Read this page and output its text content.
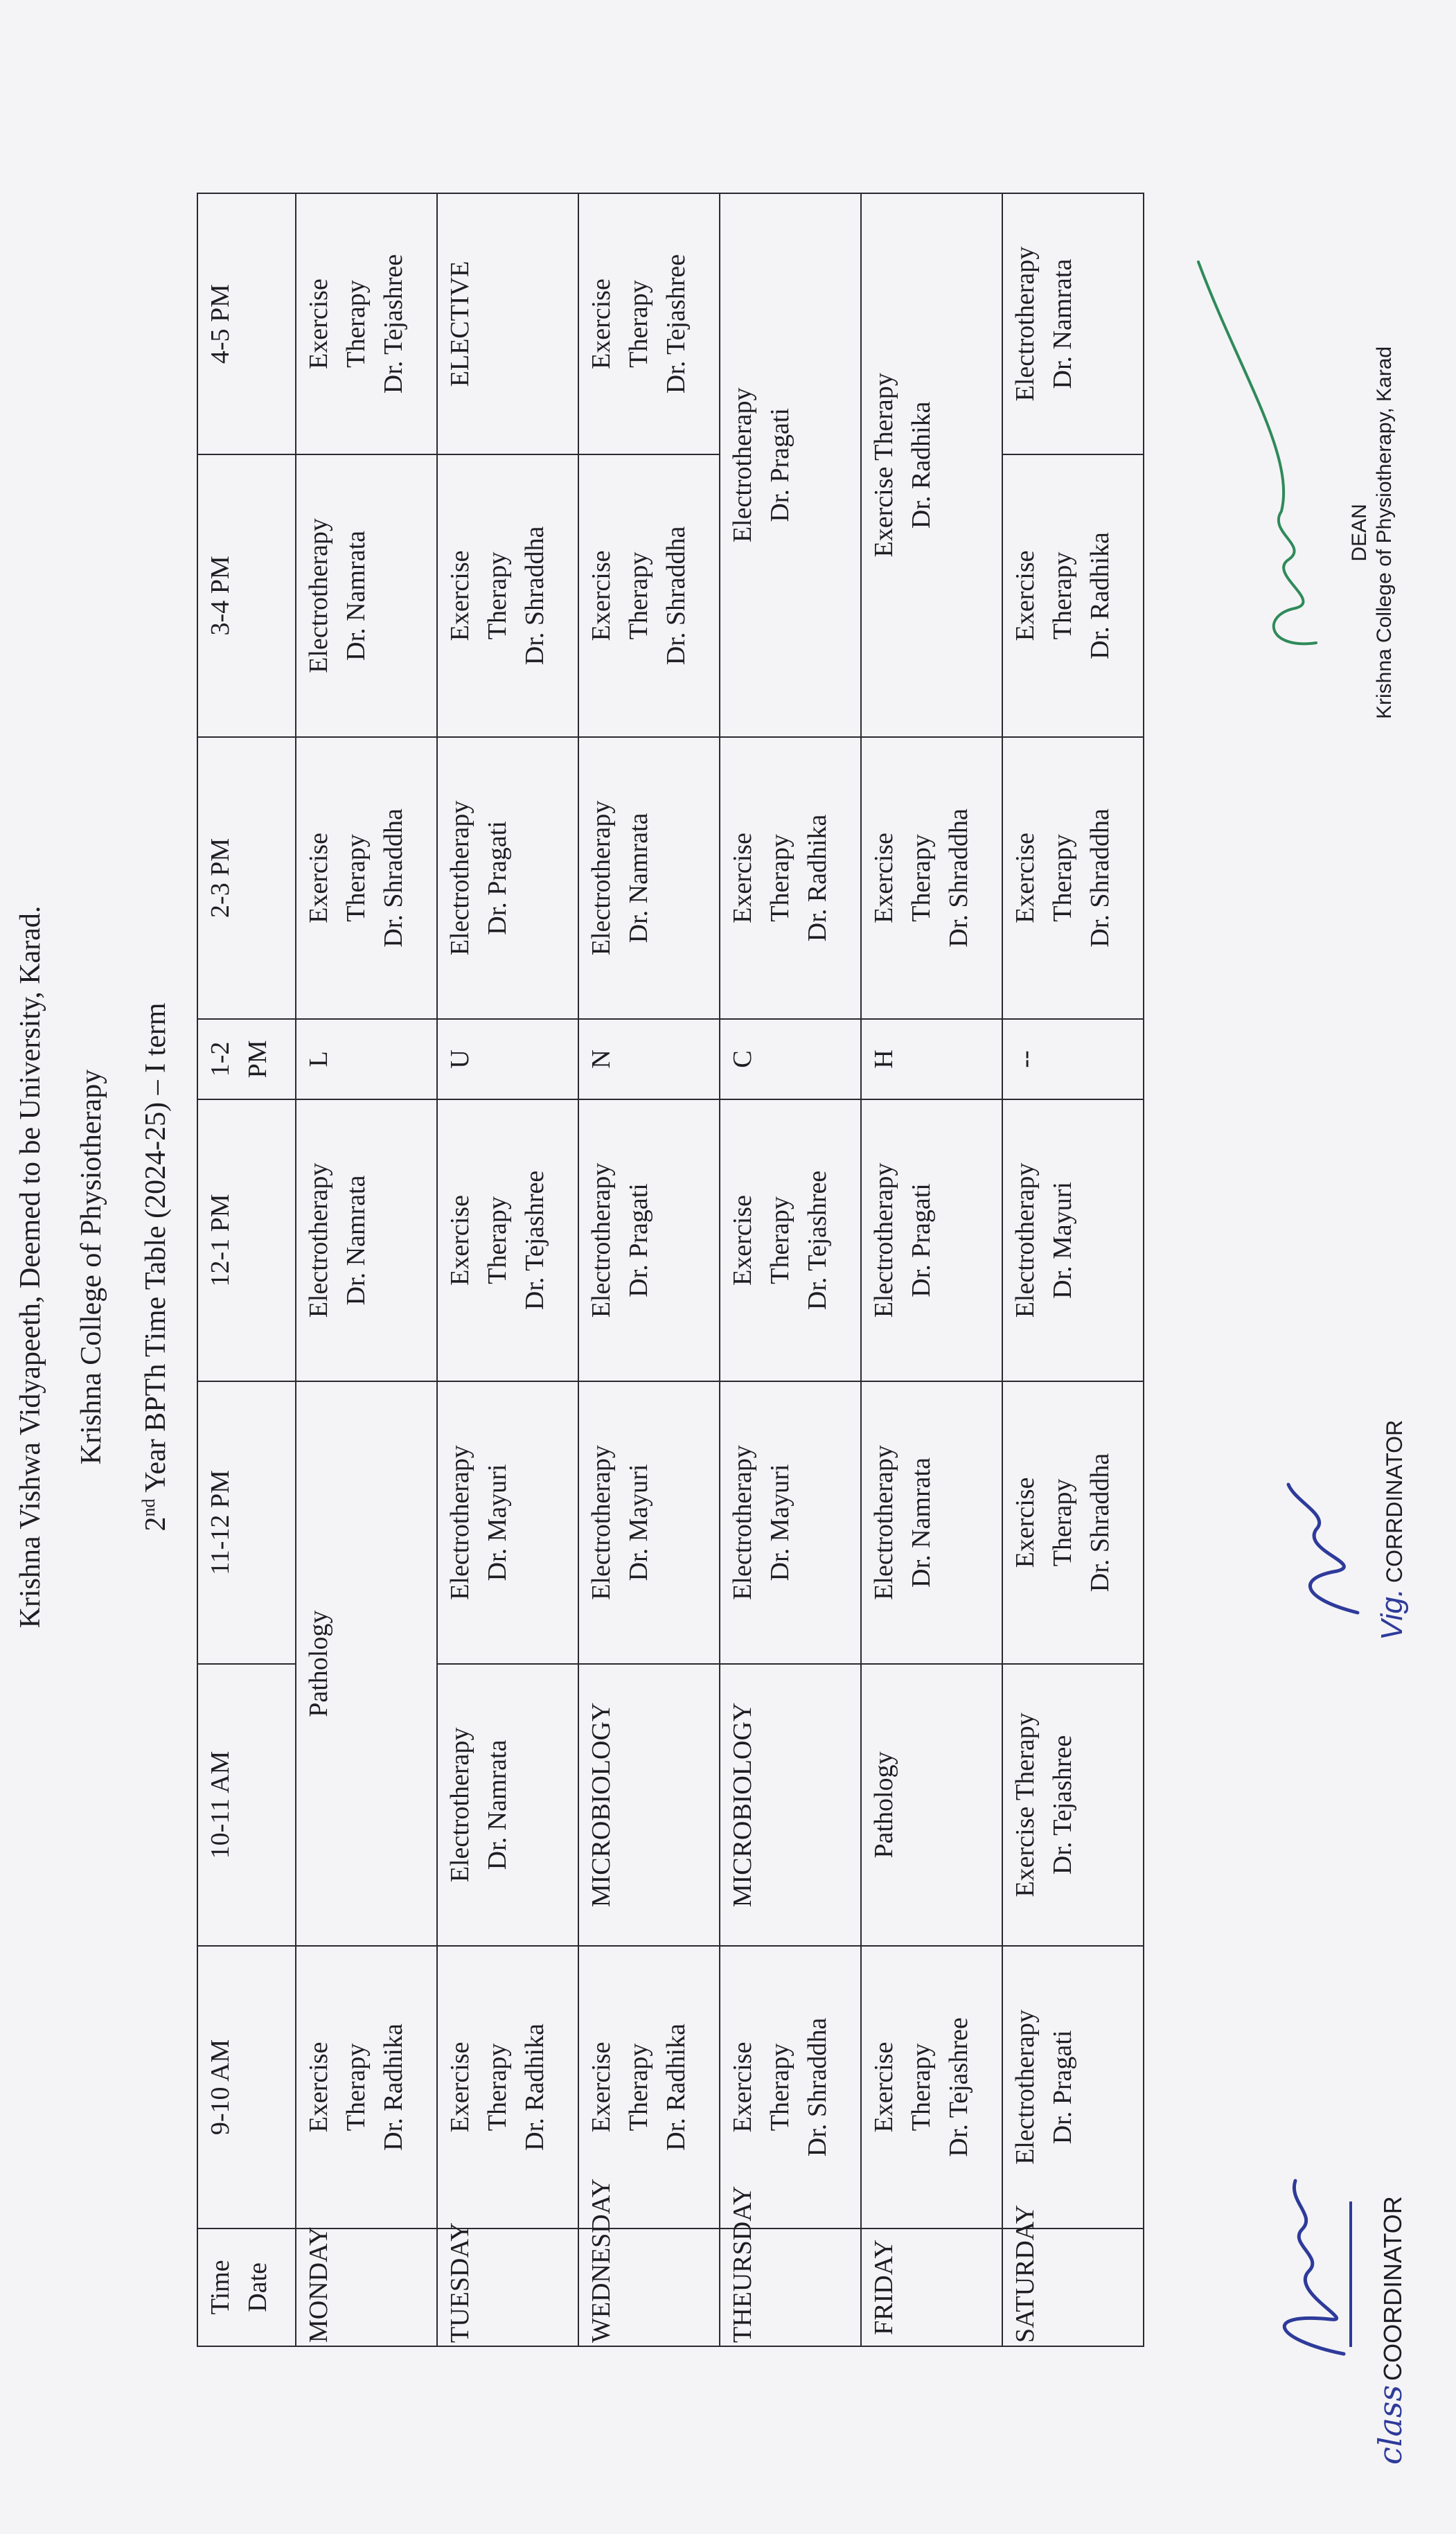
Krishna Vishwa Vidyapeeth, Deemed to be University, Karad. Krishna College of Physiotherapy
2nd Year BPTh Time Table (2024-25) – I term
Time Date	9-10 AM	10-11 AM	11-12 PM	12-1 PM	1-2 PM	2-3 PM	3-4 PM	4-5 PM
MONDAY	Exercise Therapy Dr. Radhika	Pathology		Electrotherapy Dr. Namrata	L	Exercise Therapy Dr. Shraddha	Electrotherapy Dr. Namrata	Exercise Therapy Dr. Tejashree

TUESDAY	Exercise Therapy Dr. Radhika	Electrotherapy Dr. Namrata	Electrotherapy Dr. Mayuri	Exercise Therapy Dr. Tejashree	U	Electrotherapy Dr. Pragati	Exercise Therapy Dr. Shraddha	ELECTIVE
WEDNESDAY	Exercise Therapy Dr. Radhika	MICROBIOLOGY	Electrotherapy Dr. Mayuri	Electrotherapy Dr. Pragati	N	Electrotherapy Dr. Namrata	Exercise Therapy Dr. Shraddha	Exercise Therapy Dr. Tejashree

THEURSDAY	Exercise Therapy Dr. Shraddha	MICROBIOLOGY	Electrotherapy Dr. Mayuri	Exercise Therapy Dr. Tejashree	C	Exercise Therapy Dr. Radhika	Electrotherapy Dr. Pragati	

FRIDAY	Exercise Therapy Dr. Tejashree	Pathology	Electrotherapy Dr. Namrata	Electrotherapy Dr. Pragati	H	Exercise Therapy Dr. Shraddha	Exercise Therapy Dr. Radhika	

SATURDAY	Electrotherapy Dr. Pragati	Exercise Therapy Dr. Tejashree	Exercise Therapy Dr. Shraddha	Electrotherapy Dr. Mayuri	--	Exercise Therapy Dr. Shraddha	Exercise Therapy Dr. Radhika	Electrotherapy Dr. Namrata
classCOORDINATOR
Vig.CORRDINATOR
DEAN Krishna College of Physiotherapy, Karad
